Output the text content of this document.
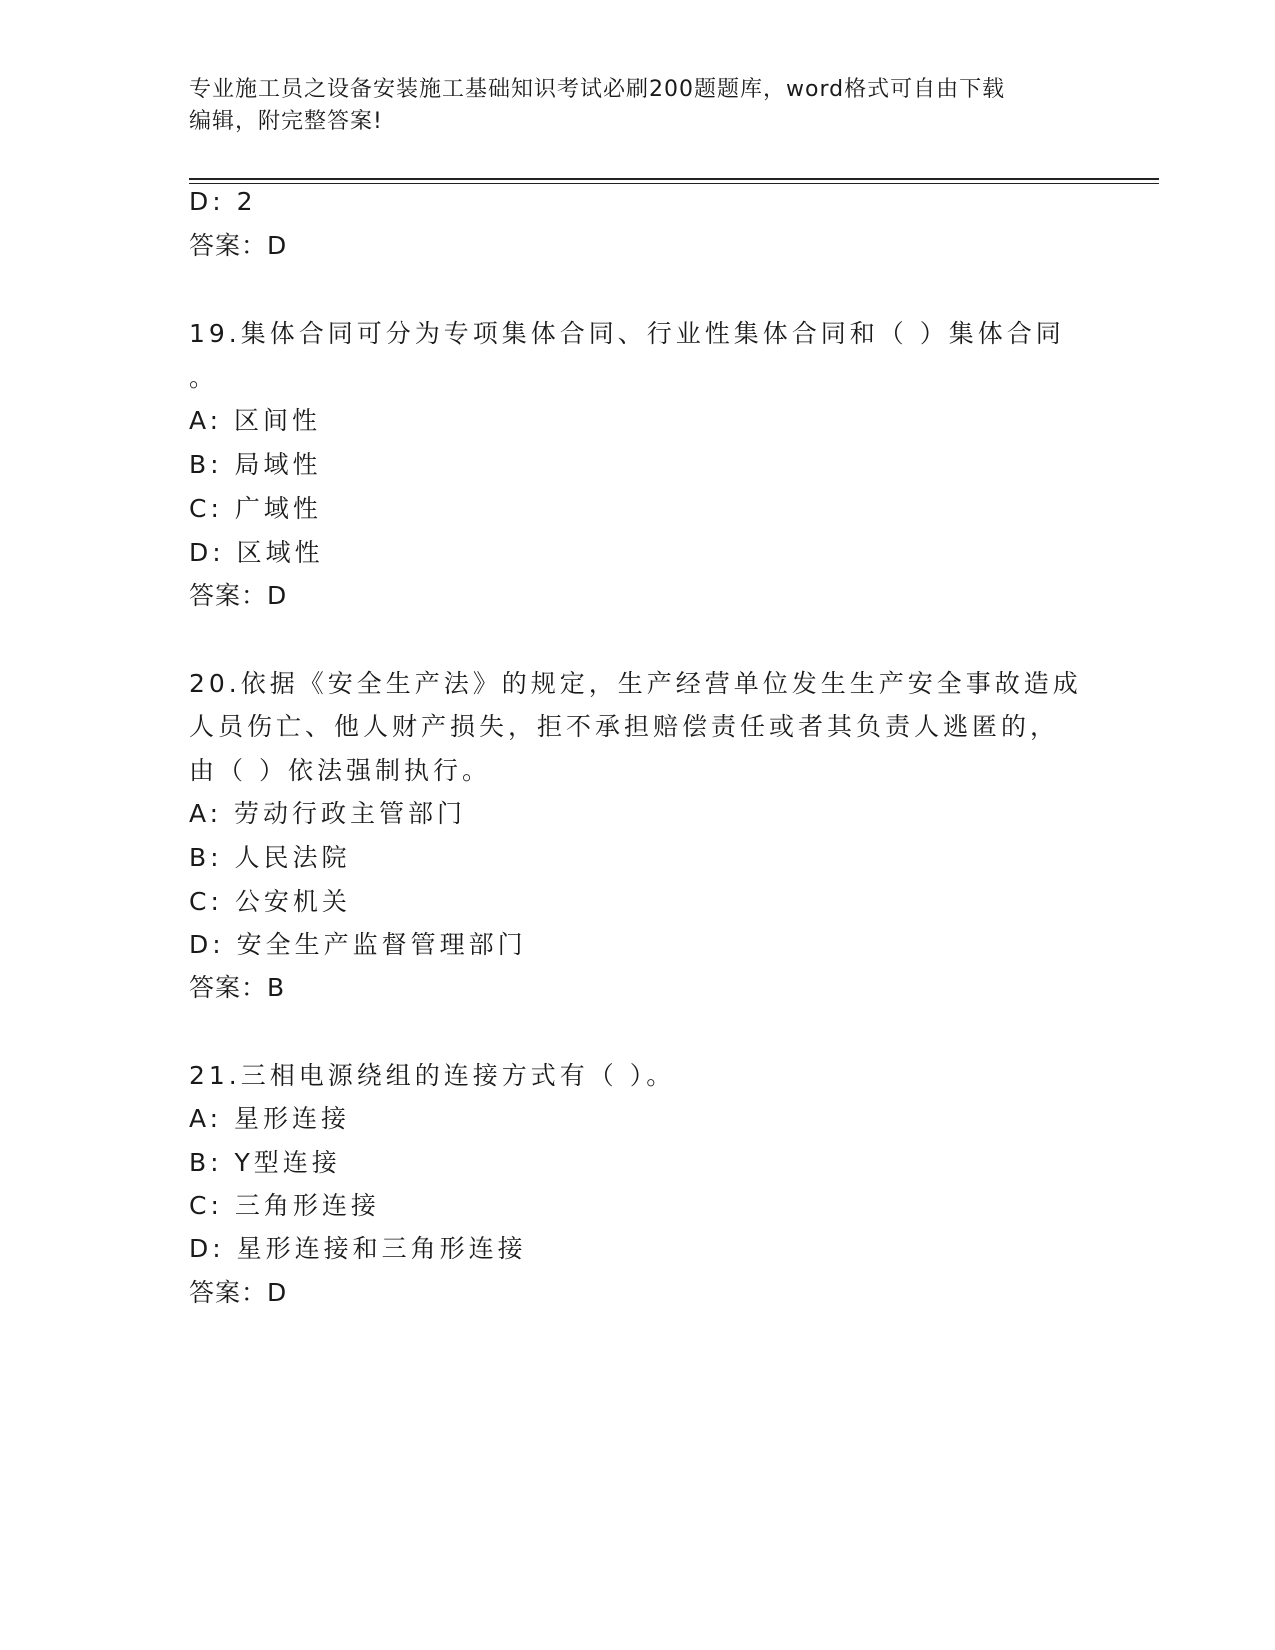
专业施工员之设备安装施工基础知识考试必刷200题题库，word格式可自由下载
编辑，附完整答案!
D: 2
答案：D
19.集体合同可分为专项集体合同、行业性集体合同和（ ）集体合同
。
A: 区间性
B: 局域性
C: 广域性
D: 区域性
答案：D
20.依据《安全生产法》的规定，生产经营单位发生生产安全事故造成
人员伤亡、他人财产损失，拒不承担赔偿责任或者其负责人逃匿的，
由（ ）依法强制执行。
A: 劳动行政主管部门
B: 人民法院
C: 公安机关
D: 安全生产监督管理部门
答案：B
21.三相电源绕组的连接方式有（ ）。
A: 星形连接
B: Y型连接
C: 三角形连接
D: 星形连接和三角形连接
答案：D
